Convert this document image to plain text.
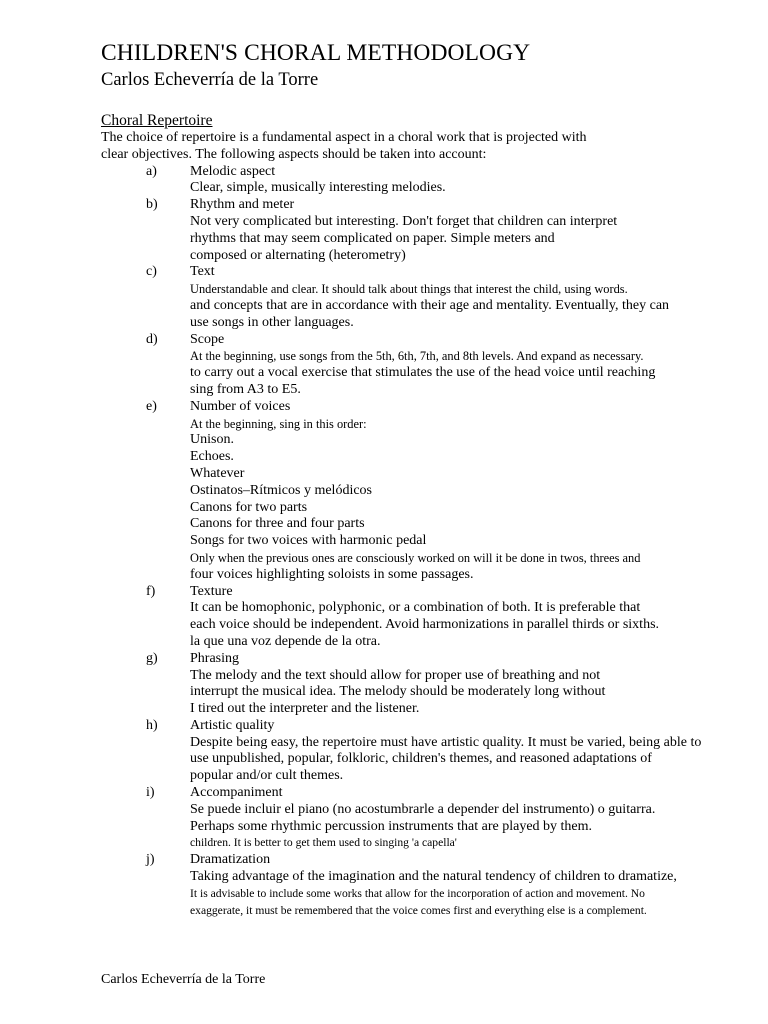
CHILDREN'S CHORAL METHODOLOGY
Carlos Echeverría de la Torre
Choral Repertoire
The choice of repertoire is a fundamental aspect in a choral work that is projected with
clear objectives. The following aspects should be taken into account:
a) Melodic aspect
Clear, simple, musically interesting melodies.
b) Rhythm and meter
Not very complicated but interesting. Don't forget that children can interpret
rhythms that may seem complicated on paper. Simple meters and
composed or alternating (heterometry)
c) Text
Understandable and clear. It should talk about things that interest the child, using words.
and concepts that are in accordance with their age and mentality. Eventually, they can
use songs in other languages.
d) Scope
At the beginning, use songs from the 5th, 6th, 7th, and 8th levels. And expand as necessary.
to carry out a vocal exercise that stimulates the use of the head voice until reaching
sing from A3 to E5.
e) Number of voices
At the beginning, sing in this order:
Unison.
Echoes.
Whatever
Ostinatos–Rítmicos y melódicos
Canons for two parts
Canons for three and four parts
Songs for two voices with harmonic pedal
Only when the previous ones are consciously worked on will it be done in twos, threes and
four voices highlighting soloists in some passages.
f) Texture
It can be homophonic, polyphonic, or a combination of both. It is preferable that
each voice should be independent. Avoid harmonizations in parallel thirds or sixths.
la que una voz depende de la otra.
g) Phrasing
The melody and the text should allow for proper use of breathing and not
interrupt the musical idea. The melody should be moderately long without
I tired out the interpreter and the listener.
h) Artistic quality
Despite being easy, the repertoire must have artistic quality. It must be varied, being able to
use unpublished, popular, folkloric, children's themes, and reasoned adaptations of
popular and/or cult themes.
i)	Accompaniment
Se puede incluir el piano (no acostumbrarle a depender del instrumento) o guitarra.
Perhaps some rhythmic percussion instruments that are played by them.
children. It is better to get them used to singing 'a capella'
j)	Dramatization
Taking advantage of the imagination and the natural tendency of children to dramatize,
It is advisable to include some works that allow for the incorporation of action and movement. No
exaggerate, it must be remembered that the voice comes first and everything else is a complement.
Carlos Echeverría de la Torre
